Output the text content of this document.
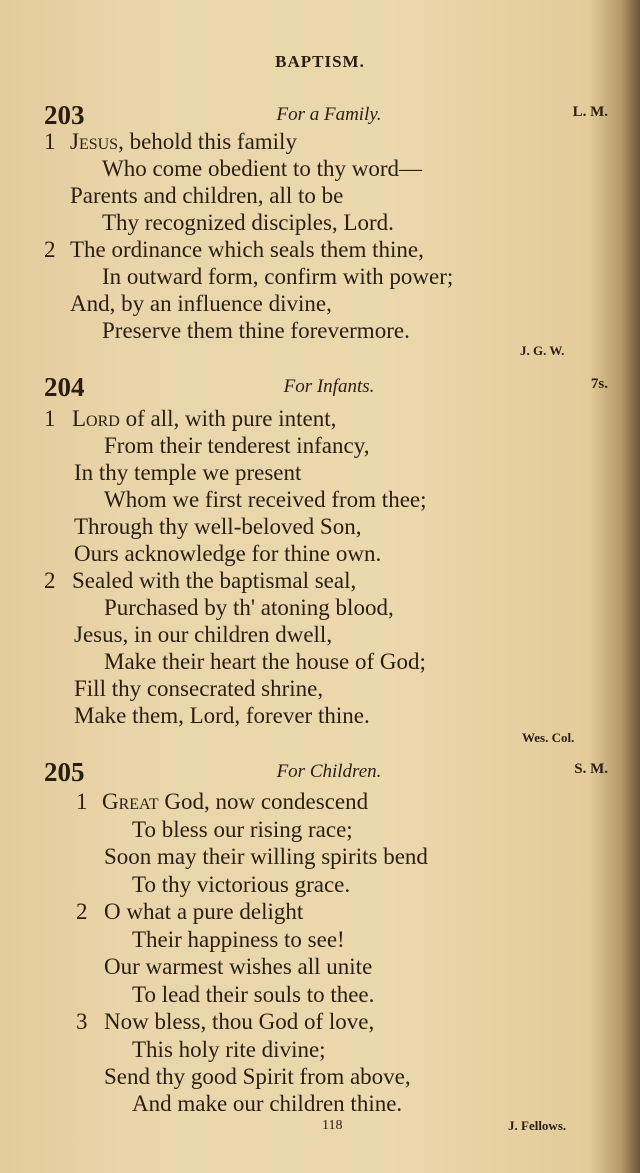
BAPTISM.
203	For a Family.	L. M.
1 Jesus, behold this family
Who come obedient to thy word—
Parents and children, all to be
Thy recognized disciples, Lord.
2 The ordinance which seals them thine,
In outward form, confirm with power;
And, by an influence divine,
Preserve them thine forevermore.
J. G. W.
204	For Infants.	7s.
1 Lord of all, with pure intent,
From their tenderest infancy,
In thy temple we present
Whom we first received from thee;
Through thy well-beloved Son,
Ours acknowledge for thine own.
2 Sealed with the baptismal seal,
Purchased by th' atoning blood,
Jesus, in our children dwell,
Make their heart the house of God;
Fill thy consecrated shrine,
Make them, Lord, forever thine.
Wes. Col.
205	For Children.	S. M.
1 Great God, now condescend
To bless our rising race;
Soon may their willing spirits bend
To thy victorious grace.
2 O what a pure delight
Their happiness to see!
Our warmest wishes all unite
To lead their souls to thee.
3 Now bless, thou God of love,
This holy rite divine;
Send thy good Spirit from above,
And make our children thine.
118	J. Fellows.
